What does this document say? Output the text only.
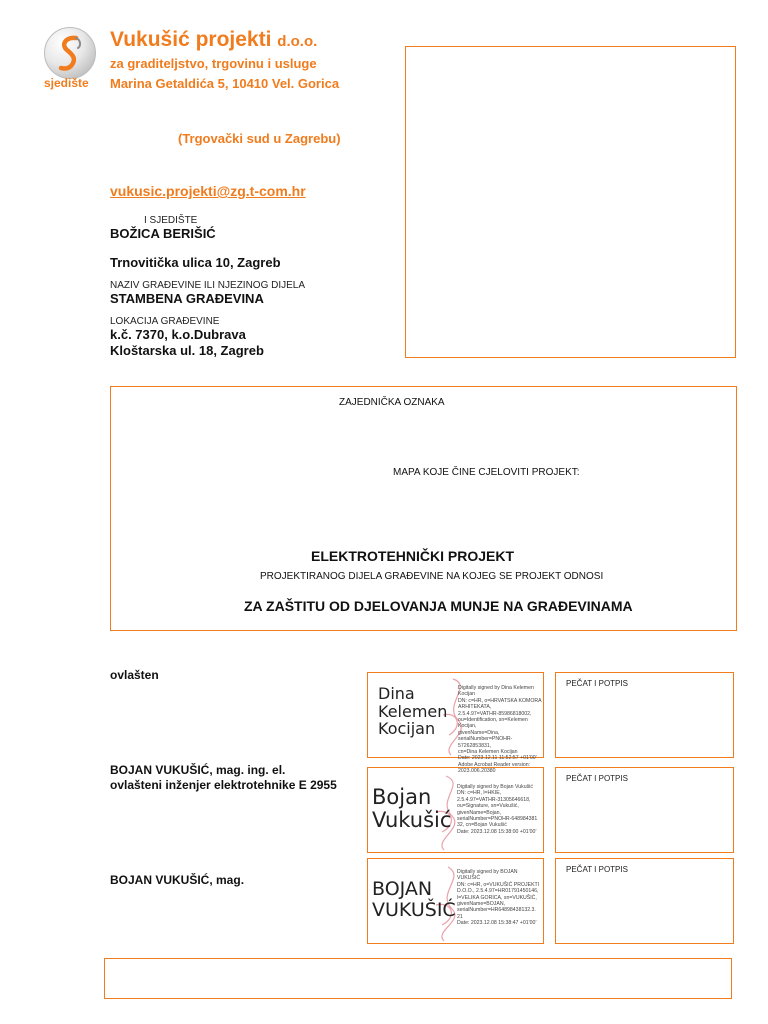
sjedište
Vukušić projekti d.o.o.
za graditeljstvo, trgovinu i usluge
Marina Getaldića 5, 10410 Vel. Gorica
(Trgovački sud u Zagrebu)
vukusic.projekti@zg.t-com.hr
I SJEDIŠTE
BOŽICA BERIŠIĆ
Trnovitička ulica 10, Zagreb
NAZIV GRAĐEVINE ILI NJEZINOG DIJELA
STAMBENA GRAĐEVINA
LOKACIJA GRAĐEVINE
k.č. 7370, k.o.Dubrava
Kloštarska ul. 18, Zagreb
ZAJEDNIČKA OZNAKA
MAPA KOJE ČINE CJELOVITI PROJEKT:
ELEKTROTEHNIČKI PROJEKT
PROJEKTIRANOG DIJELA GRAĐEVINE NA KOJEG SE PROJEKT ODNOSI
ZA ZAŠTITU OD DJELOVANJA MUNJE NA GRAĐEVINAMA
ovlašten
Dina
Kelemen
Kocijan
Digitally signed by Dina Kelemen
Kocijan
DN: c=HR, o=HRVATSKA KOMORA
ARHITEKATA,
2.5.4.97=VATHR-85986818002,
ou=Identification, sn=Kelemen Kocijan,
givenName=Dina,
serialNumber=PNOHR-57262853831,
cn=Dina Kelemen Kocijan
Date: 2023.12.11 11:52:57 +01'00'
Adobe Acrobat Reader version:
2023.006.20380
PEČAT I POTPIS
BOJAN VUKUŠIĆ, mag. ing. el.
ovlašteni inženjer elektrotehnike E 2955 Bojan
Vukušić
Digitally signed by Bojan Vukušić
DN: c=HR, l=HKIE,
2.5.4.97=VATHR-31305646618,
ou=Signature, sn=Vukušić,
givenName=Bojan,
serialNumber=PNOHR-648984381
32, cn=Bojan Vukušić
Date: 2023.12.08 15:38:00 +01'00'
PEČAT I POTPIS
BOJAN VUKUŠIĆ, mag.	BOJAN
VUKUŠIĆ
Digitally signed by BOJAN
VUKUŠIĆ
DN: c=HR, o=VUKUŠIĆ PROJEKTI
D.O.O., 2.5.4.97=HR01791450146,
l=VELIKA GORICA, sn=VUKUŠIĆ,
givenName=BOJAN,
serialNumber=HR64898438132.3.
21
Date: 2023.12.08 15:38:47 +01'00'
PEČAT I POTPIS
